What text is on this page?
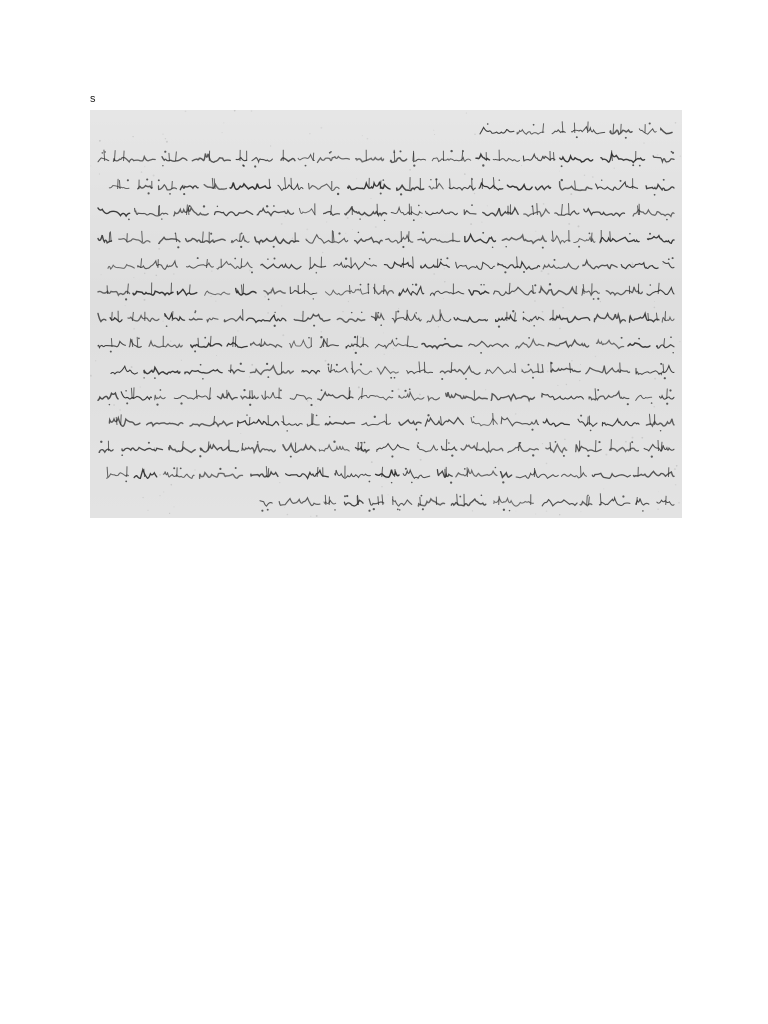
s
